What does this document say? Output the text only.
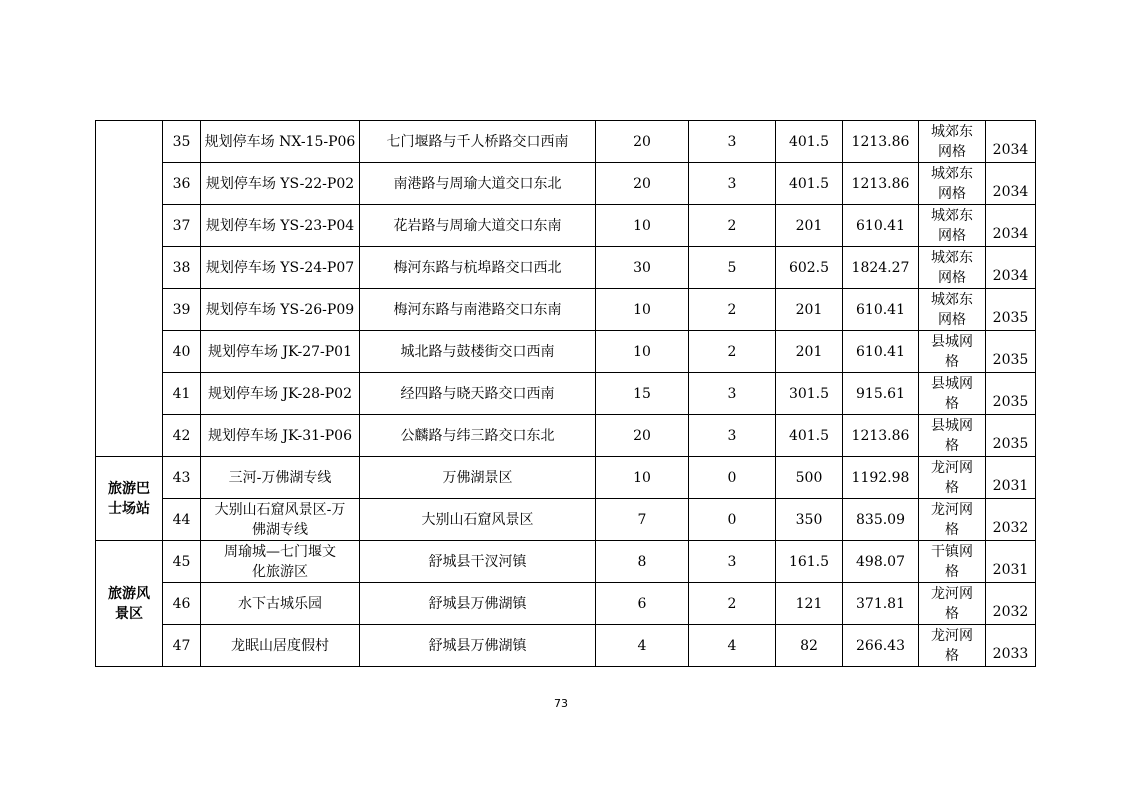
	35	规划停车场 NX-15-P06	七门堰路与千人桥路交口西南	20	3	401.5	1213.86	城郊东网格	2034

	36	规划停车场 YS-22-P02	南港路与周瑜大道交口东北	20	3	401.5	1213.86	城郊东网格	2034

	37	规划停车场 YS-23-P04	花岩路与周瑜大道交口东南	10	2	201	610.41	城郊东网格	2034

	38	规划停车场 YS-24-P07	梅河东路与杭埠路交口西北	30	5	602.5	1824.27	城郊东网格	2034

	39	规划停车场 YS-26-P09	梅河东路与南港路交口东南	10	2	201	610.41	城郊东网格	2035

	40	规划停车场 JK-27-P01	城北路与鼓楼街交口西南	10	2	201	610.41	县城网格	2035

	41	规划停车场 JK-28-P02	经四路与晓天路交口西南	15	3	301.5	915.61	县城网格	2035

	42	规划停车场 JK-31-P06	公麟路与纬三路交口东北	20	3	401.5	1213.86	县城网格	2035

旅游巴士场站	43	三河-万佛湖专线	万佛湖景区	10	0	500	1192.98	龙河网格	2031

	44	大别山石窟风景区-万佛湖专线	大别山石窟风景区	7	0	350	835.09	龙河网格	2032

旅游风景区	45	周瑜城—七门堰文化旅游区	舒城县干汊河镇	8	3	161.5	498.07	干镇网格	2031

	46	水下古城乐园	舒城县万佛湖镇	6	2	121	371.81	龙河网格	2032

	47	龙眠山居度假村	舒城县万佛湖镇	4	4	82	266.43	龙河网格	2033
73
